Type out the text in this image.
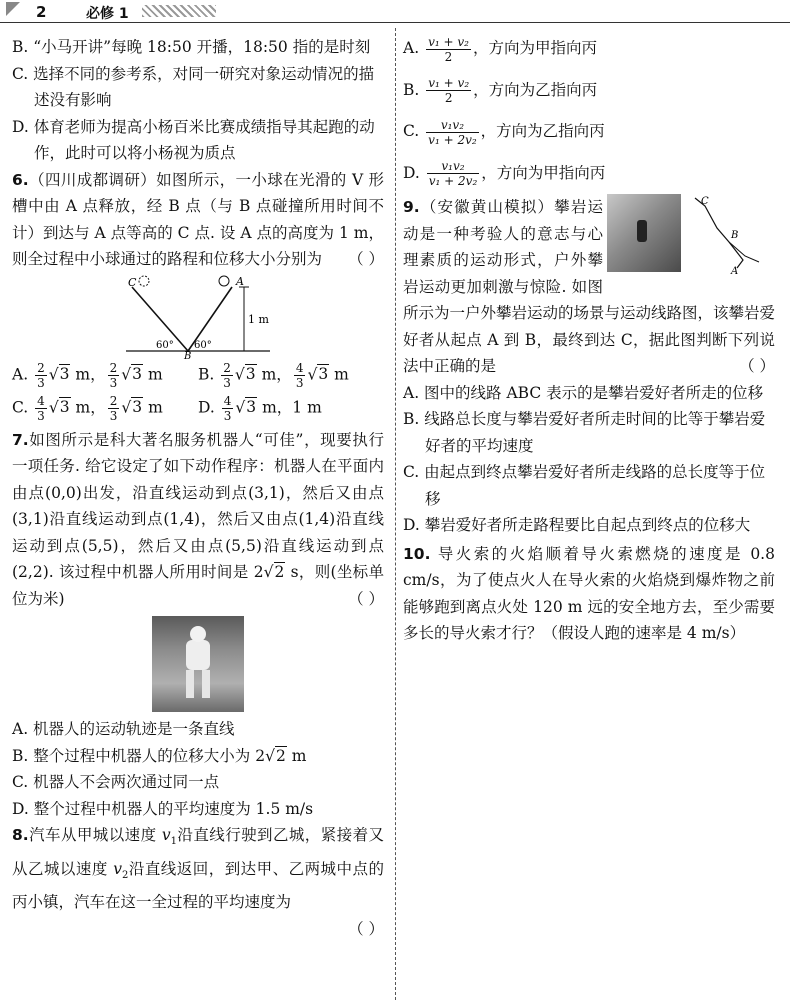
2	必修 1

B. “小马开讲”每晚 18:50 开播，18:50 指的是时刻

C. 选择不同的参考系，对同一研究对象运动情况的描述没有影响

D. 体育老师为提高小杨百米比赛成绩指导其起跑的动作，此时可以将小杨视为质点

6.（四川成都调研）如图所示，一小球在光滑的 V 形槽中由 A 点释放，经 B 点（与 B 点碰撞所用时间不计）到达与 A 点等高的 C 点. 设 A 点的高度为 1 m，则全过程中小球通过的路程和位移大小分别为 （ ）

C	A
1 m
B
60° 60°
A. $\frac{2}{3} √3$ m， $\frac{2}{3} √3$ m	B. $\frac{2}{3} √3$ m， $\frac{4}{3} √3$ m
C. $\frac{4}{3} √3$ m， $\frac{2}{3} √3$ m	D. $\frac{4}{3} √3$ m，1 m

7.如图所示是科大著名服务机器人“可佳”，现要执行一项任务. 给它设定了如下动作程序：机器人在平面内由点(0,0)出发，沿直线运动到点(3,1)，然后又由点(3,1)沿直线运动到点(1,4)，然后又由点(1,4)沿直线运动到点(5,5)，然后又由点(5,5)沿直线运动到点(2,2). 该过程中机器人所用时间是 2√2 s，则(坐标单位为米)	（ ）

A. 机器人的运动轨迹是一条直线

B. 整个过程中机器人的位移大小为 2√2 m

C. 机器人不会两次通过同一点

D. 整个过程中机器人的平均速度为 1.5 m/s

8.汽车从甲城以速度 $v_1$沿直线行驶到乙城，紧接着又从乙城以速度 $v_2$沿直线返回，到达甲、乙两城中点的丙小镇，汽车在这一全过程的平均速度为

（ ）

A. $\frac{\text{v₁ + v₂}}{2}$ ，方向为甲指向丙

B. $\frac{\text{v₁ + v₂}}{2}$ ，方向为乙指向丙

C. $\frac{\text{v₁v₂}}{\text{v₁ + 2v₂}}$ ，方向为乙指向丙

D. $\frac{\text{v₁v₂}}{\text{v₁ + 2v₂}}$ ，方向为甲指向丙

C
B
A

9.（安徽黄山模拟）攀岩运动是一种考验人的意志与心理素质的运动形式，户外攀岩运动更加刺激与惊险. 如图所示为一户外攀岩运动的场景与运动线路图，该攀岩爱好者从起点 A 到 B，最终到达 C，据此图判断下列说法中正确的是	（ ）

A. 图中的线路 ABC 表示的是攀岩爱好者所走的位移

B. 线路总长度与攀岩爱好者所走时间的比等于攀岩爱好者的平均速度

C. 由起点到终点攀岩爱好者所走线路的总长度等于位移

D. 攀岩爱好者所走路程要比自起点到终点的位移大

10. 导火索的火焰顺着导火索燃烧的速度是 0.8 cm/s，为了使点火人在导火索的火焰烧到爆炸物之前能够跑到离点火处 120 m 远的安全地方去，至少需要多长的导火索才行？（假设人跑的速率是 4 m/s）
